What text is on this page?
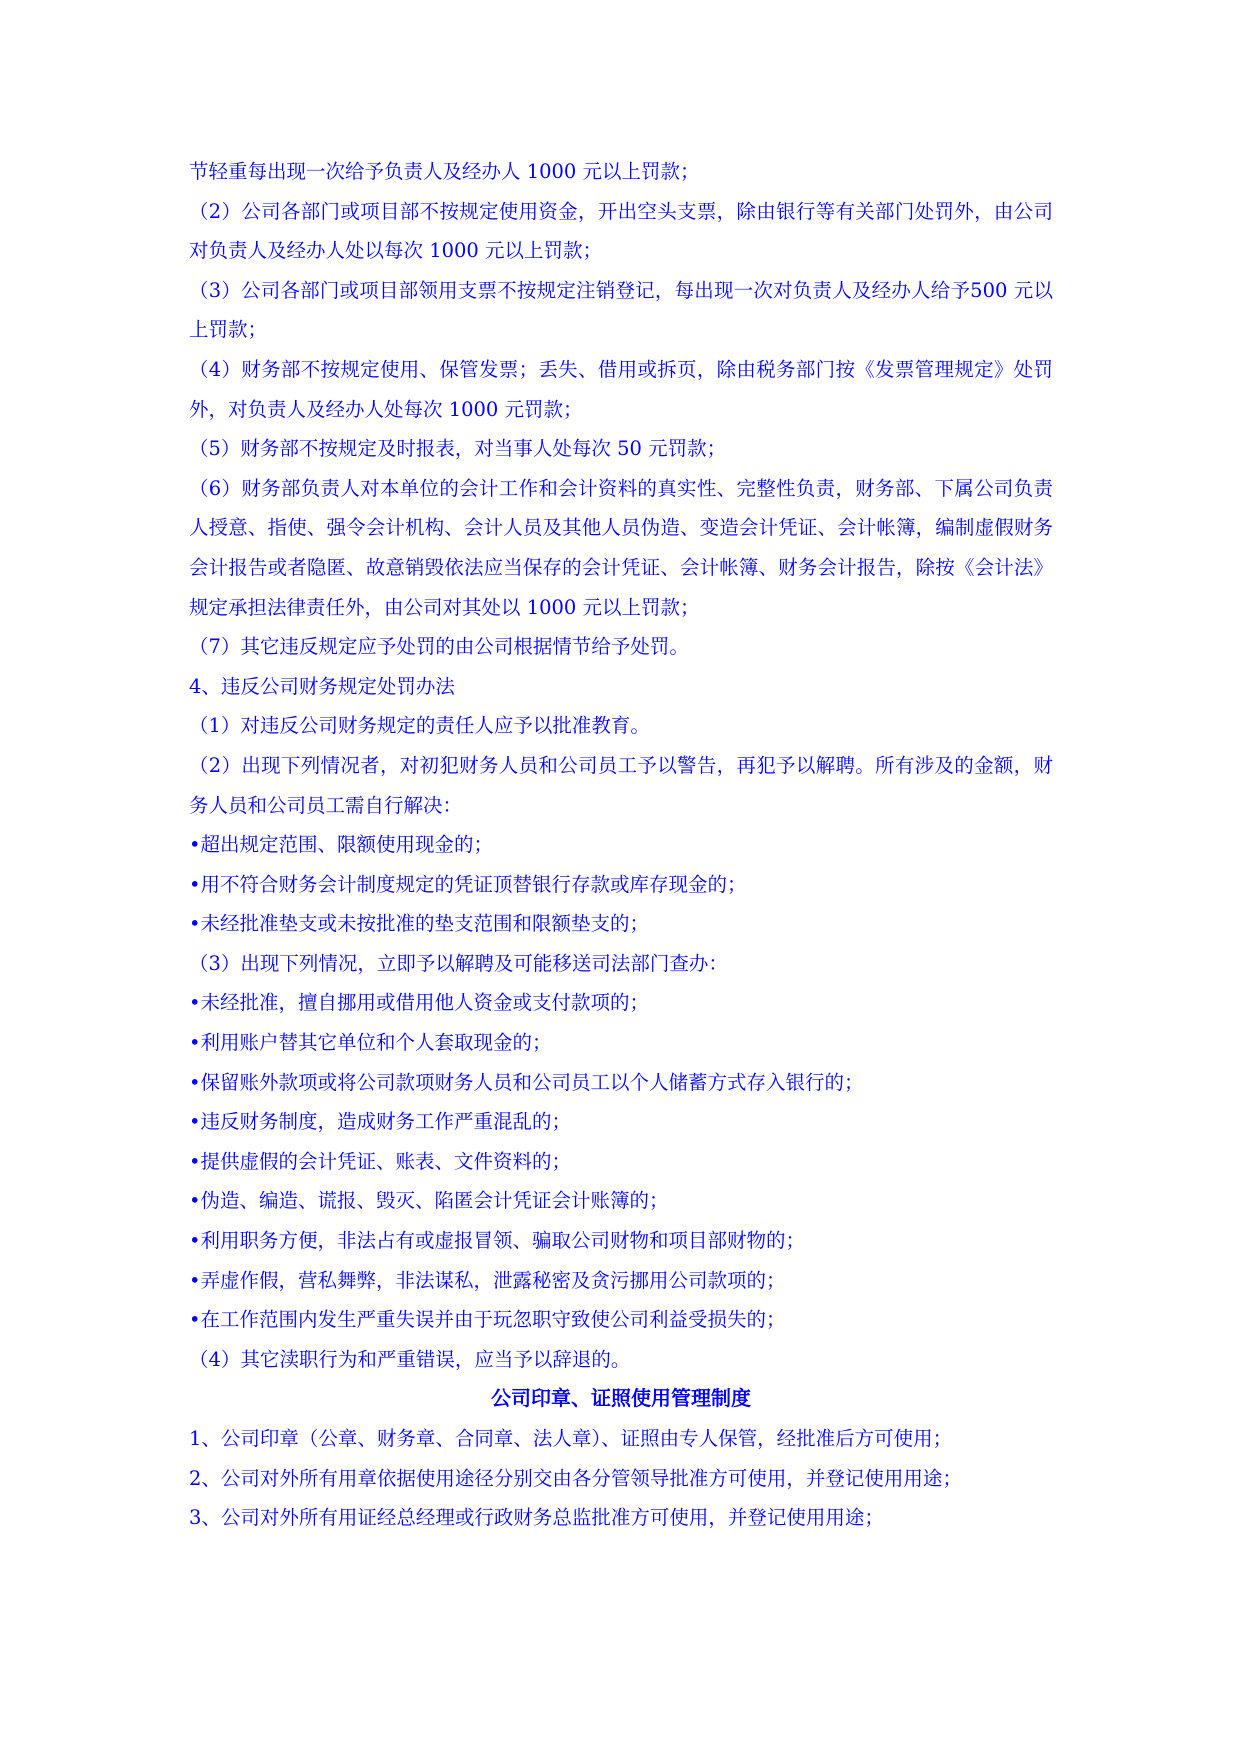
节轻重每出现一次给予负责人及经办人 1000 元以上罚款；

（2）公司各部门或项目部不按规定使用资金，开出空头支票，除由银行等有关部门处罚外，由公司对负责人及经办人处以每次 1000 元以上罚款；

（3）公司各部门或项目部领用支票不按规定注销登记，每出现一次对负责人及经办人给予500 元以上罚款；

（4）财务部不按规定使用、保管发票；丢失、借用或拆页，除由税务部门按《发票管理规定》处罚外，对负责人及经办人处每次 1000 元罚款；

（5）财务部不按规定及时报表，对当事人处每次 50 元罚款；

（6）财务部负责人对本单位的会计工作和会计资料的真实性、完整性负责，财务部、下属公司负责人授意、指使、强令会计机构、会计人员及其他人员伪造、变造会计凭证、会计帐簿，编制虚假财务会计报告或者隐匿、故意销毁依法应当保存的会计凭证、会计帐簿、财务会计报告，除按《会计法》规定承担法律责任外，由公司对其处以 1000 元以上罚款；

（7）其它违反规定应予处罚的由公司根据情节给予处罚。

4、违反公司财务规定处罚办法

（1）对违反公司财务规定的责任人应予以批准教育。

（2）出现下列情况者，对初犯财务人员和公司员工予以警告，再犯予以解聘。所有涉及的金额，财务人员和公司员工需自行解决：

•超出规定范围、限额使用现金的；

•用不符合财务会计制度规定的凭证顶替银行存款或库存现金的；

•未经批准垫支或未按批准的垫支范围和限额垫支的；

（3）出现下列情况，立即予以解聘及可能移送司法部门查办：

•未经批准，擅自挪用或借用他人资金或支付款项的；

•利用账户替其它单位和个人套取现金的；

•保留账外款项或将公司款项财务人员和公司员工以个人储蓄方式存入银行的；

•违反财务制度，造成财务工作严重混乱的；

•提供虚假的会计凭证、账表、文件资料的；

•伪造、编造、谎报、毁灭、陷匿会计凭证会计账簿的；

•利用职务方便，非法占有或虚报冒领、骗取公司财物和项目部财物的；

•弄虚作假，营私舞弊，非法谋私，泄露秘密及贪污挪用公司款项的；

•在工作范围内发生严重失误并由于玩忽职守致使公司利益受损失的；

（4）其它渎职行为和严重错误，应当予以辞退的。

公司印章、证照使用管理制度

1、公司印章（公章、财务章、合同章、法人章）、证照由专人保管，经批准后方可使用；

2、公司对外所有用章依据使用途径分别交由各分管领导批准方可使用，并登记使用用途；

3、公司对外所有用证经总经理或行政财务总监批准方可使用，并登记使用用途；
